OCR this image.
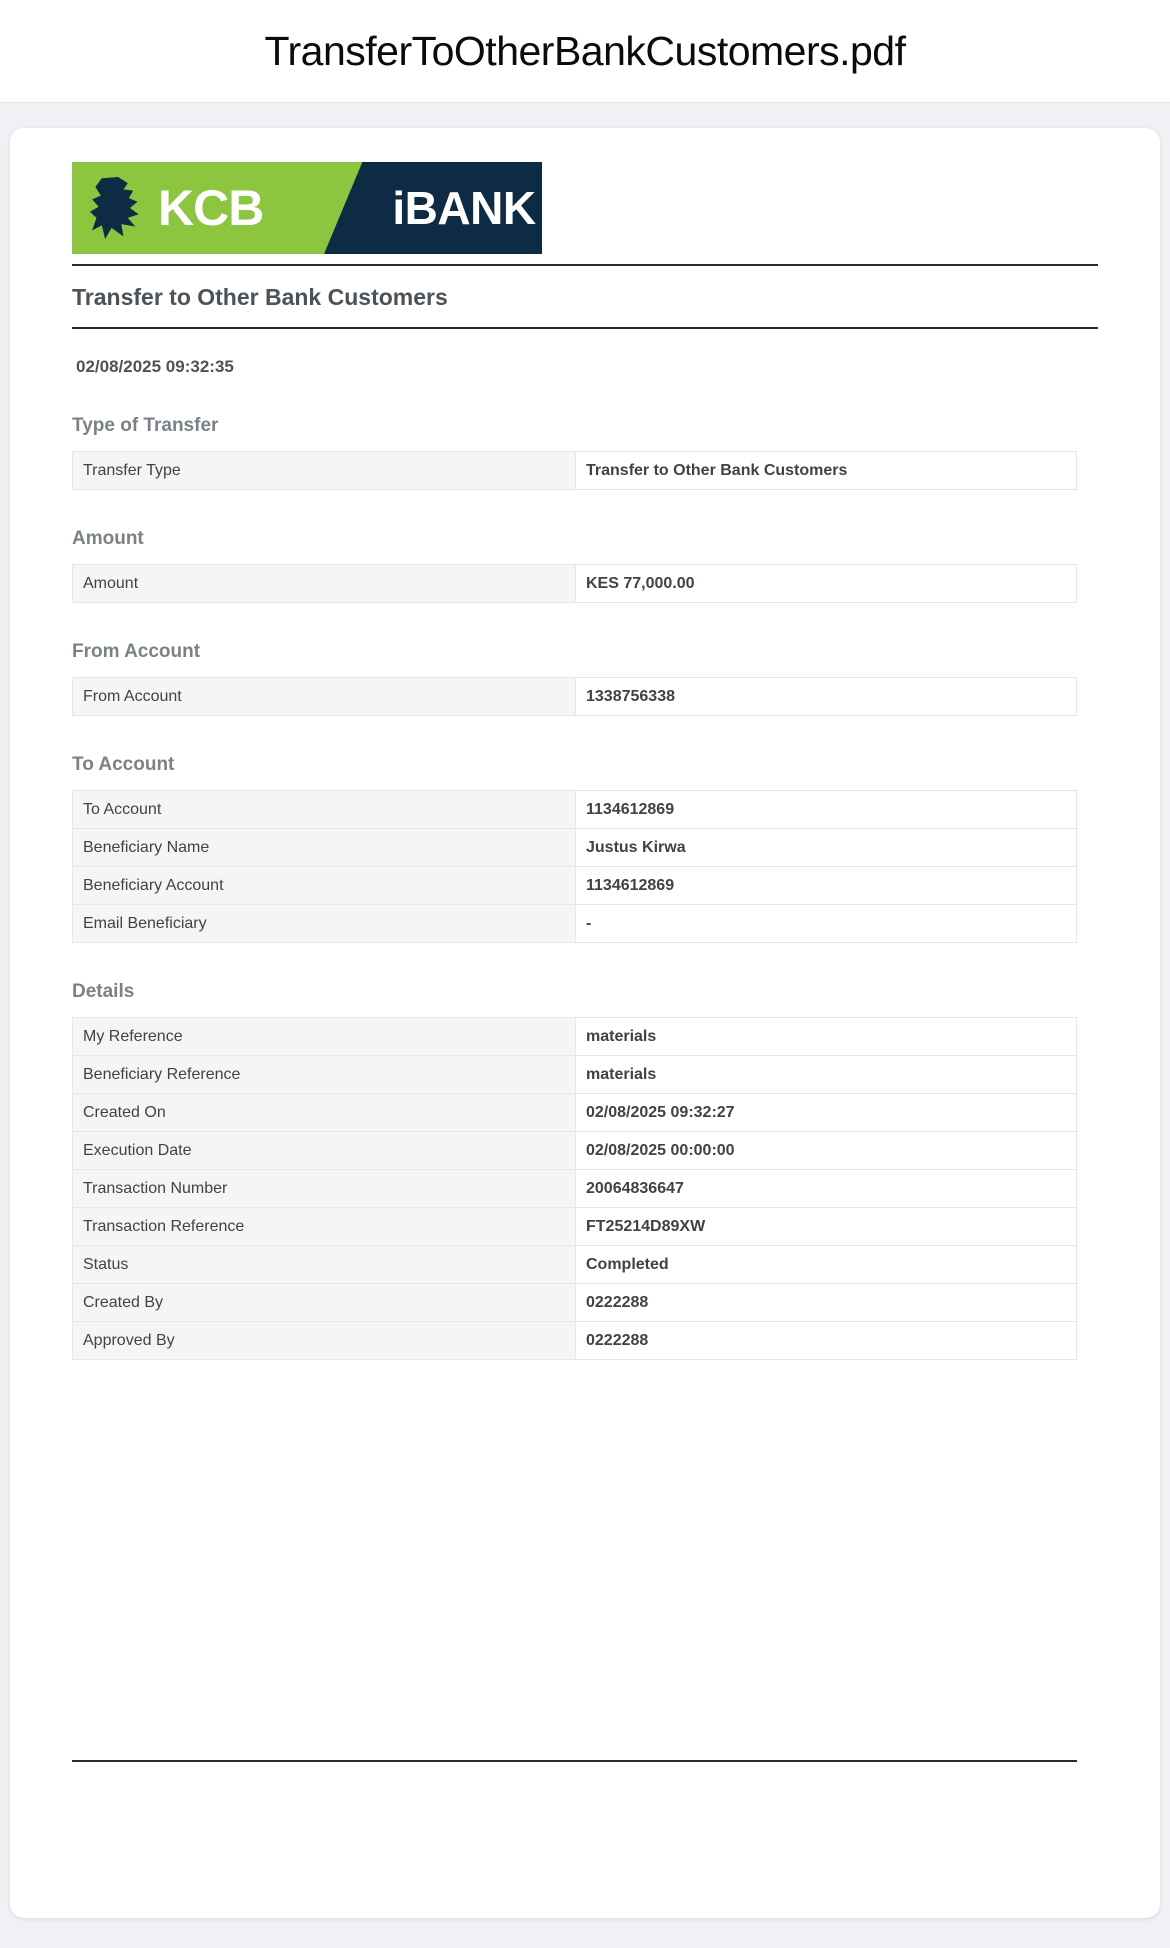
TransferToOtherBankCustomers.pdf
KCB	iBANK
Transfer to Other Bank Customers
02/08/2025 09:32:35
Type of Transfer
Transfer Type	Transfer to Other Bank Customers
Amount
Amount	KES 77,000.00
From Account
From Account	1338756338
To Account
To Account	1134612869
Beneficiary Name	Justus Kirwa
Beneficiary Account	1134612869
Email Beneficiary	-
Details
My Reference	materials
Beneficiary Reference	materials
Created On	02/08/2025 09:32:27
Execution Date	02/08/2025 00:00:00
Transaction Number	20064836647
Transaction Reference	FT25214D89XW
Status	Completed
Created By	0222288
Approved By	0222288
